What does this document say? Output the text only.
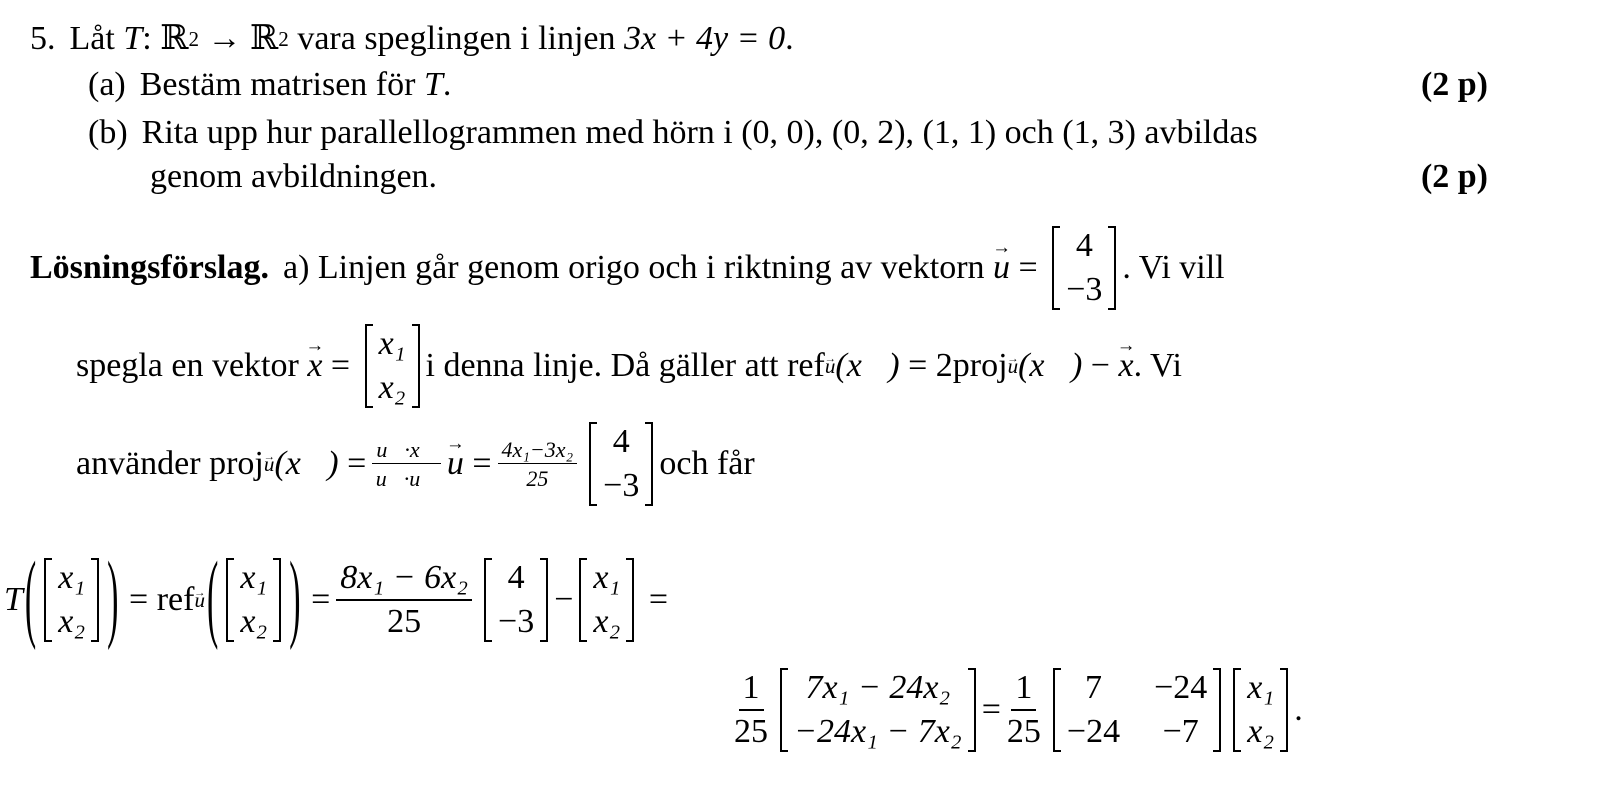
5. Låt
T :
ℝ 2
→
ℝ 2
vara speglingen i linjen
3x + 4y = 0 .
(a) Bestäm matrisen för
T .	(2 p)
(b) Rita upp hur parallellogrammen med hörn i (0, 0), (0, 2), (1, 1) och (1, 3) avbildas
genom avbildningen.	(2 p)
Lösningsförslag. a) Linjen går genom origo och i riktning av vektorn
u →
=

4
−3
. Vi vill
spegla en vektor
x →
=

x₁
x₂
i denna linje. Då gäller att
ref u (x⃗)
=
2proj u (x⃗)
−
x → . Vi
använder
proj u (x⃗)
= $\frac{u⃗\cdot x⃗}{u⃗\cdot u⃗}$ u →
= $\frac{\text{4x₁−3x₂}}{25} 4$
−3
och får
T ( x₁
x₂ )
=
ref u ( x₁
x₂ )
= $\frac{\text{8x₁ − 6x₂}}{25} 4$
−3
−
x₁
x₂

=
$\frac{1}{25}$	7x₁ − 24x₂
−24x₁ − 7x₂
= $\frac{1}{25}$	7	−24
−24 −7
x₁
x₂
.
